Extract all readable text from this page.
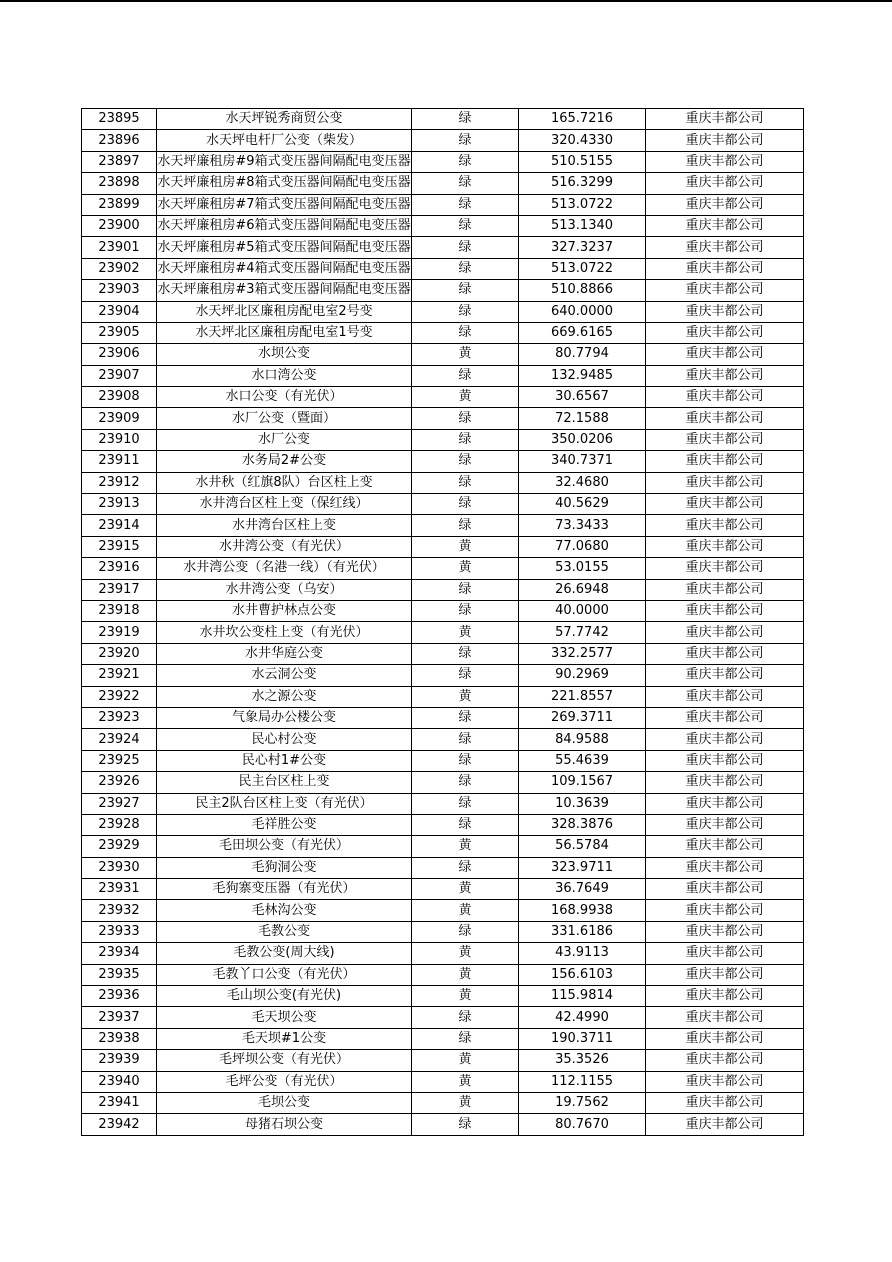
23895	水天坪锐秀商贸公变	绿	165.7216	重庆丰都公司
23896	水天坪电杆厂公变（柴发）	绿	320.4330	重庆丰都公司
23897	水天坪廉租房#9箱式变压器间隔配电变压器	绿	510.5155	重庆丰都公司
23898	水天坪廉租房#8箱式变压器间隔配电变压器	绿	516.3299	重庆丰都公司
23899	水天坪廉租房#7箱式变压器间隔配电变压器	绿	513.0722	重庆丰都公司
23900	水天坪廉租房#6箱式变压器间隔配电变压器	绿	513.1340	重庆丰都公司
23901	水天坪廉租房#5箱式变压器间隔配电变压器	绿	327.3237	重庆丰都公司
23902	水天坪廉租房#4箱式变压器间隔配电变压器	绿	513.0722	重庆丰都公司
23903	水天坪廉租房#3箱式变压器间隔配电变压器	绿	510.8866	重庆丰都公司
23904	水天坪北区廉租房配电室2号变	绿	640.0000	重庆丰都公司
23905	水天坪北区廉租房配电室1号变	绿	669.6165	重庆丰都公司
23906	水坝公变	黄	80.7794	重庆丰都公司
23907	水口湾公变	绿	132.9485	重庆丰都公司
23908	水口公变（有光伏）	黄	30.6567	重庆丰都公司
23909	水厂公变（暨面）	绿	72.1588	重庆丰都公司
23910	水厂公变	绿	350.0206	重庆丰都公司
23911	水务局2#公变	绿	340.7371	重庆丰都公司
23912	水井秋（红旗8队）台区柱上变	绿	32.4680	重庆丰都公司
23913	水井湾台区柱上变（保红线）	绿	40.5629	重庆丰都公司
23914	水井湾台区柱上变	绿	73.3433	重庆丰都公司
23915	水井湾公变（有光伏）	黄	77.0680	重庆丰都公司
23916	水井湾公变（名港一线）（有光伏）	黄	53.0155	重庆丰都公司
23917	水井湾公变（乌安）	绿	26.6948	重庆丰都公司
23918	水井曹护林点公变	绿	40.0000	重庆丰都公司
23919	水井坎公变柱上变（有光伏）	黄	57.7742	重庆丰都公司
23920	水井华庭公变	绿	332.2577	重庆丰都公司
23921	水云洞公变	绿	90.2969	重庆丰都公司
23922	水之源公变	黄	221.8557	重庆丰都公司
23923	气象局办公楼公变	绿	269.3711	重庆丰都公司
23924	民心村公变	绿	84.9588	重庆丰都公司
23925	民心村1#公变	绿	55.4639	重庆丰都公司
23926	民主台区柱上变	绿	109.1567	重庆丰都公司
23927	民主2队台区柱上变（有光伏）	绿	10.3639	重庆丰都公司
23928	毛祥胜公变	绿	328.3876	重庆丰都公司
23929	毛田坝公变（有光伏）	黄	56.5784	重庆丰都公司
23930	毛狗洞公变	绿	323.9711	重庆丰都公司
23931	毛狗寨变压器（有光伏）	黄	36.7649	重庆丰都公司
23932	毛林沟公变	黄	168.9938	重庆丰都公司
23933	毛教公变	绿	331.6186	重庆丰都公司
23934	毛教公变(周大线)	黄	43.9113	重庆丰都公司
23935	毛教丫口公变（有光伏）	黄	156.6103	重庆丰都公司
23936	毛山坝公变(有光伏)	黄	115.9814	重庆丰都公司
23937	毛天坝公变	绿	42.4990	重庆丰都公司
23938	毛天坝#1公变	绿	190.3711	重庆丰都公司
23939	毛坪坝公变（有光伏）	黄	35.3526	重庆丰都公司
23940	毛坪公变（有光伏）	黄	112.1155	重庆丰都公司
23941	毛坝公变	黄	19.7562	重庆丰都公司
23942	母猪石坝公变	绿	80.7670	重庆丰都公司
